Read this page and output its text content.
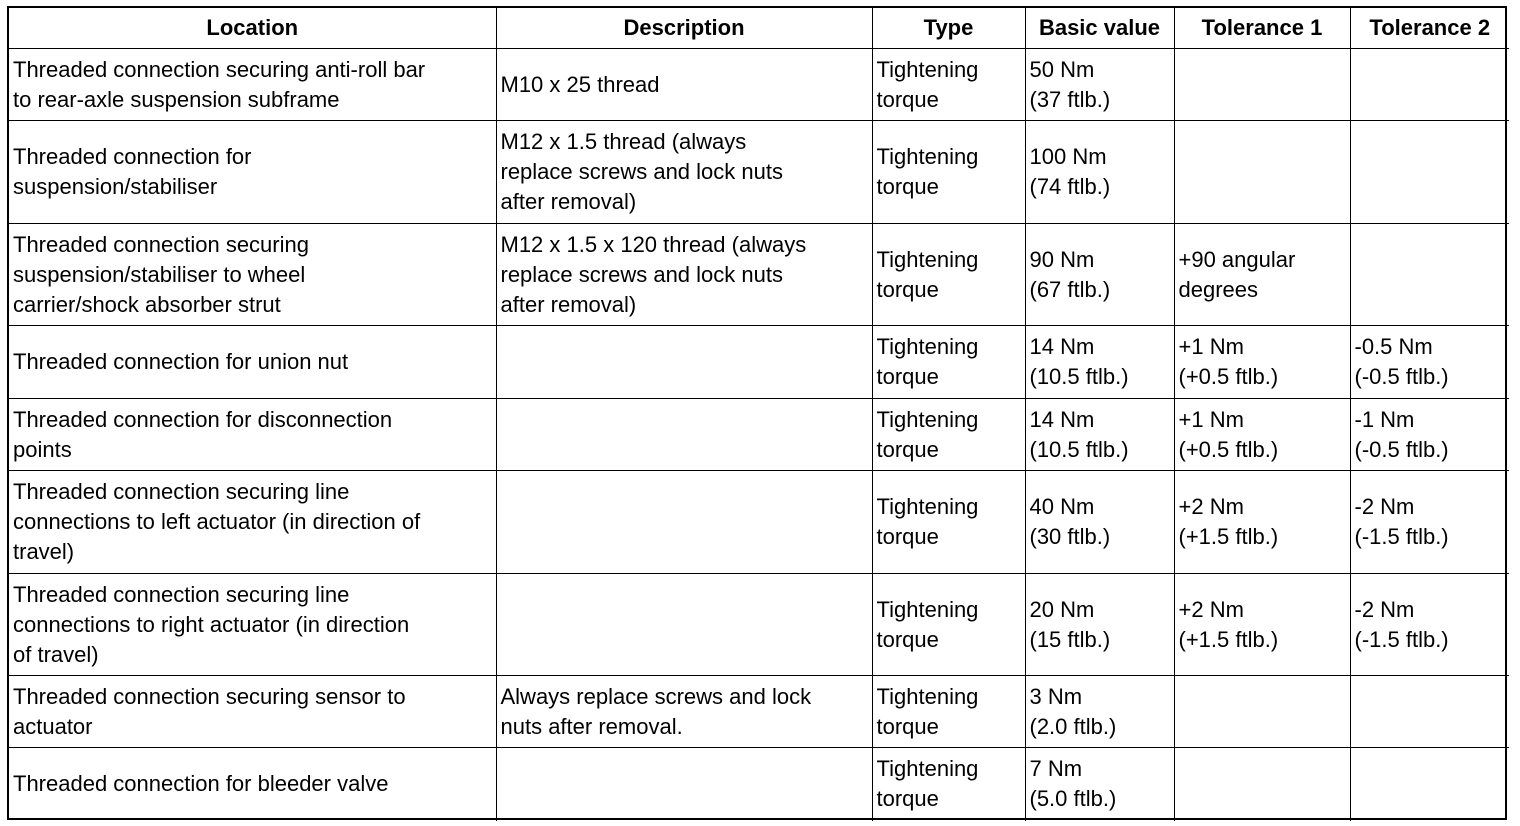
Location	Description	Type	Basic value	Tolerance 1	Tolerance 2

Threaded connection securing anti-roll bar
to rear-axle suspension subframe	M10 x 25 thread	Tightening
torque	50 Nm
(37 ftlb.)		

Threaded connection for
suspension/stabiliser	M12 x 1.5 thread (always
replace screws and lock nuts
after removal)	Tightening
torque	100 Nm
(74 ftlb.)		

Threaded connection securing
suspension/stabiliser to wheel
carrier/shock absorber strut	M12 x 1.5 x 120 thread (always
replace screws and lock nuts
after removal)	Tightening
torque	90 Nm
(67 ftlb.)	+90 angular
degrees	

Threaded connection for union nut		Tightening
torque	14 Nm
(10.5 ftlb.)	+1 Nm
(+0.5 ftlb.)	-0.5 Nm
(-0.5 ftlb.)

Threaded connection for disconnection
points		Tightening
torque	14 Nm
(10.5 ftlb.)	+1 Nm
(+0.5 ftlb.)	-1 Nm
(-0.5 ftlb.)

Threaded connection securing line
connections to left actuator (in direction of
travel)		Tightening
torque	40 Nm
(30 ftlb.)	+2 Nm
(+1.5 ftlb.)	-2 Nm
(-1.5 ftlb.)

Threaded connection securing line
connections to right actuator (in direction
of travel)		Tightening
torque	20 Nm
(15 ftlb.)	+2 Nm
(+1.5 ftlb.)	-2 Nm
(-1.5 ftlb.)

Threaded connection securing sensor to
actuator	Always replace screws and lock
nuts after removal.	Tightening
torque	3 Nm
(2.0 ftlb.)		

Threaded connection for bleeder valve		Tightening
torque	7 Nm
(5.0 ftlb.)		
